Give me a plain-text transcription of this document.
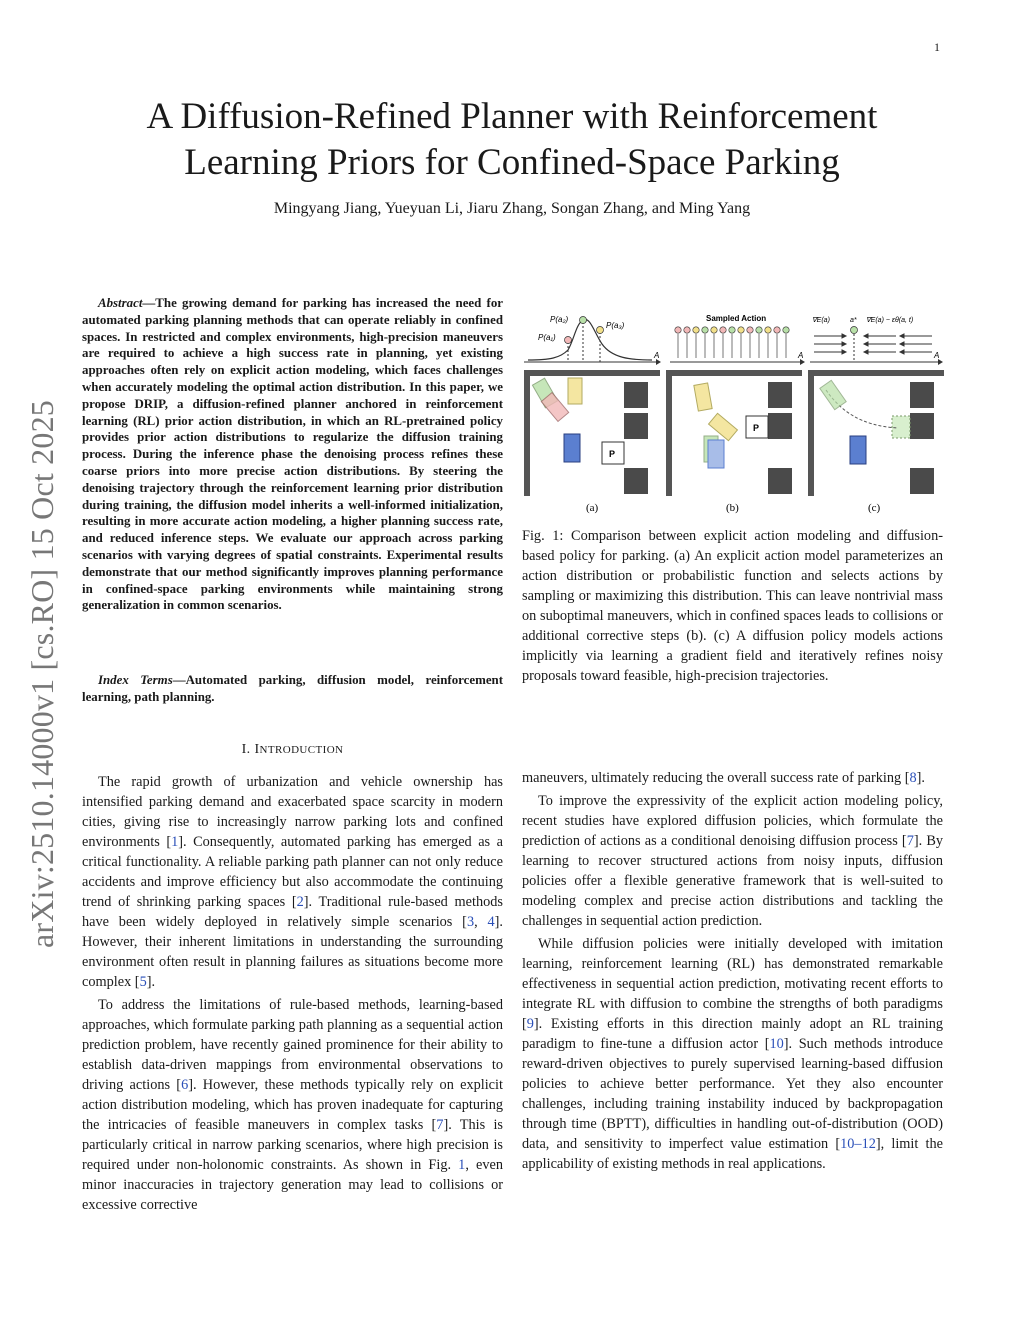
1
arXiv:2510.14000v1 [cs.RO] 15 Oct 2025
A Diffusion-Refined Planner with Reinforcement
Learning Priors for Confined-Space Parking
Mingyang Jiang, Yueyuan Li, Jiaru Zhang, Songan Zhang, and Ming Yang
Abstract—The growing demand for parking has increased the need for automated parking planning methods that can operate reliably in confined spaces. In restricted and complex environments, high-precision maneuvers are required to achieve a high success rate in planning, yet existing approaches often rely on explicit action modeling, which faces challenges when accurately modeling the optimal action distribution. In this paper, we propose DRIP, a diffusion-refined planner anchored in reinforcement learning (RL) prior action distribution, in which an RL-pretrained policy provides prior action distributions to regularize the diffusion training process. During the inference phase the denoising process refines these coarse priors into more precise action distributions. By steering the denoising trajectory through the reinforcement learning prior distribution during training, the diffusion model inherits a well-informed initialization, resulting in more accurate action modeling, a higher planning success rate, and reduced inference steps. We evaluate our approach across parking scenarios with varying degrees of spatial constraints. Experimental results demonstrate that our method significantly improves planning performance in confined-space parking environments while maintaining strong generalization in common scenarios.
Index Terms—Automated parking, diffusion model, reinforcement learning, path planning.
I. INTRODUCTION

The rapid growth of urbanization and vehicle ownership has intensified parking demand and exacerbated space scarcity in modern cities, giving rise to increasingly narrow parking lots and confined environments [1]. Consequently, automated parking has emerged as a critical functionality. A reliable parking path planner can not only reduce accidents and improve efficiency but also accommodate the continuing trend of shrinking parking spaces [2]. Traditional rule-based methods have been widely deployed in relatively simple scenarios [3, 4]. However, their inherent limitations in understanding the surrounding environment often result in planning failures as situations become more complex [5].

To address the limitations of rule-based methods, learning-based approaches, which formulate parking path planning as a sequential action prediction problem, have recently gained prominence for their ability to establish data-driven mappings from environmental observations to driving actions [6]. However, these methods typically rely on explicit action distribution modeling, which has proven inadequate for capturing the intricacies of feasible maneuvers in complex tasks [7]. This is particularly critical in narrow parking scenarios, where high precision is required under non-holonomic constraints. As shown in Fig. 1, even minor inaccuracies in trajectory generation may lead to collisions or excessive corrective

A
P(a₁)
P(a₂)
P(a₃)
P
Sampled Action
A
P
∇E(a)	a* ∇E(a) − εθ(a, t)
A
(a)	(b)	(c)
Fig. 1: Comparison between explicit action modeling and diffusion-based policy for parking. (a) An explicit action model parameterizes an action distribution or probabilistic function and selects actions by sampling or maximizing this distribution. This can leave nontrivial mass on suboptimal maneuvers, which in confined spaces leads to collisions or additional corrective steps (b). (c) A diffusion policy models actions implicitly via learning a gradient field and iteratively refines noisy proposals toward feasible, high-precision trajectories.

maneuvers, ultimately reducing the overall success rate of parking [8].

To improve the expressivity of the explicit action modeling policy, recent studies have explored diffusion policies, which formulate the prediction of actions as a conditional denoising diffusion process [7]. By learning to recover structured actions from noisy inputs, diffusion policies offer a flexible generative framework that is well-suited to modeling complex and precise action distributions and tackling the challenges in sequential action prediction.

While diffusion policies were initially developed with imitation learning, reinforcement learning (RL) has demonstrated remarkable effectiveness in sequential action prediction, motivating recent efforts to integrate RL with diffusion to combine the strengths of both paradigms [9]. Existing efforts in this direction mainly adopt an RL training paradigm to fine-tune a diffusion actor [10]. Such methods introduce reward-driven objectives to purely supervised learning-based diffusion policies to achieve better performance. Yet they also encounter challenges, including training instability induced by backpropagation through time (BPTT), difficulties in handling out-of-distribution (OOD) data, and sensitivity to imperfect value estimation [10–12], limit the applicability of existing methods in real applications.
